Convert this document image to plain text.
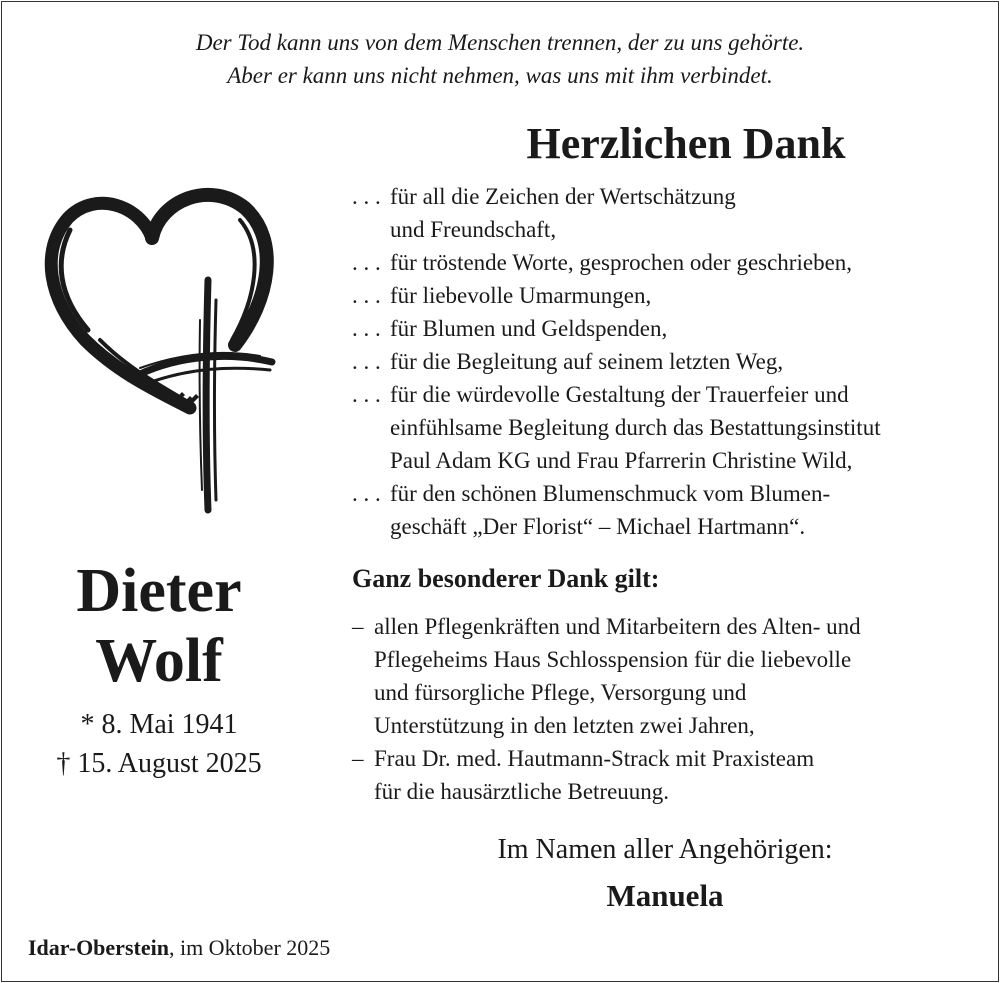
Der Tod kann uns von dem Menschen trennen, der zu uns gehörte.
Aber er kann uns nicht nehmen, was uns mit ihm verbindet.
Dieter
Wolf
* 8. Mai 1941
† 15. August 2025
Herzlichen Dank
. . . für all die Zeichen der Wertschätzung
und Freundschaft,
. . . für tröstende Worte, gesprochen oder geschrieben,
. . . für liebevolle Umarmungen,
. . . für Blumen und Geldspenden,
. . . für die Begleitung auf seinem letzten Weg,
. . . für die würdevolle Gestaltung der Trauerfeier und
einfühlsame Begleitung durch das Bestattungsinstitut
Paul Adam KG und Frau Pfarrerin Christine Wild,
. . . für den schönen Blumenschmuck vom Blumen-
geschäft „Der Florist“ – Michael Hartmann“.
Ganz besonderer Dank gilt:
– allen Pflegenkräften und Mitarbeitern des Alten- und
Pflegeheims Haus Schlosspension für die liebevolle
und fürsorgliche Pflege, Versorgung und
Unterstützung in den letzten zwei Jahren,
– Frau Dr. med. Hautmann-Strack mit Praxisteam
für die hausärztliche Betreuung.
Im Namen aller Angehörigen:
Manuela
Idar-Oberstein, im Oktober 2025
